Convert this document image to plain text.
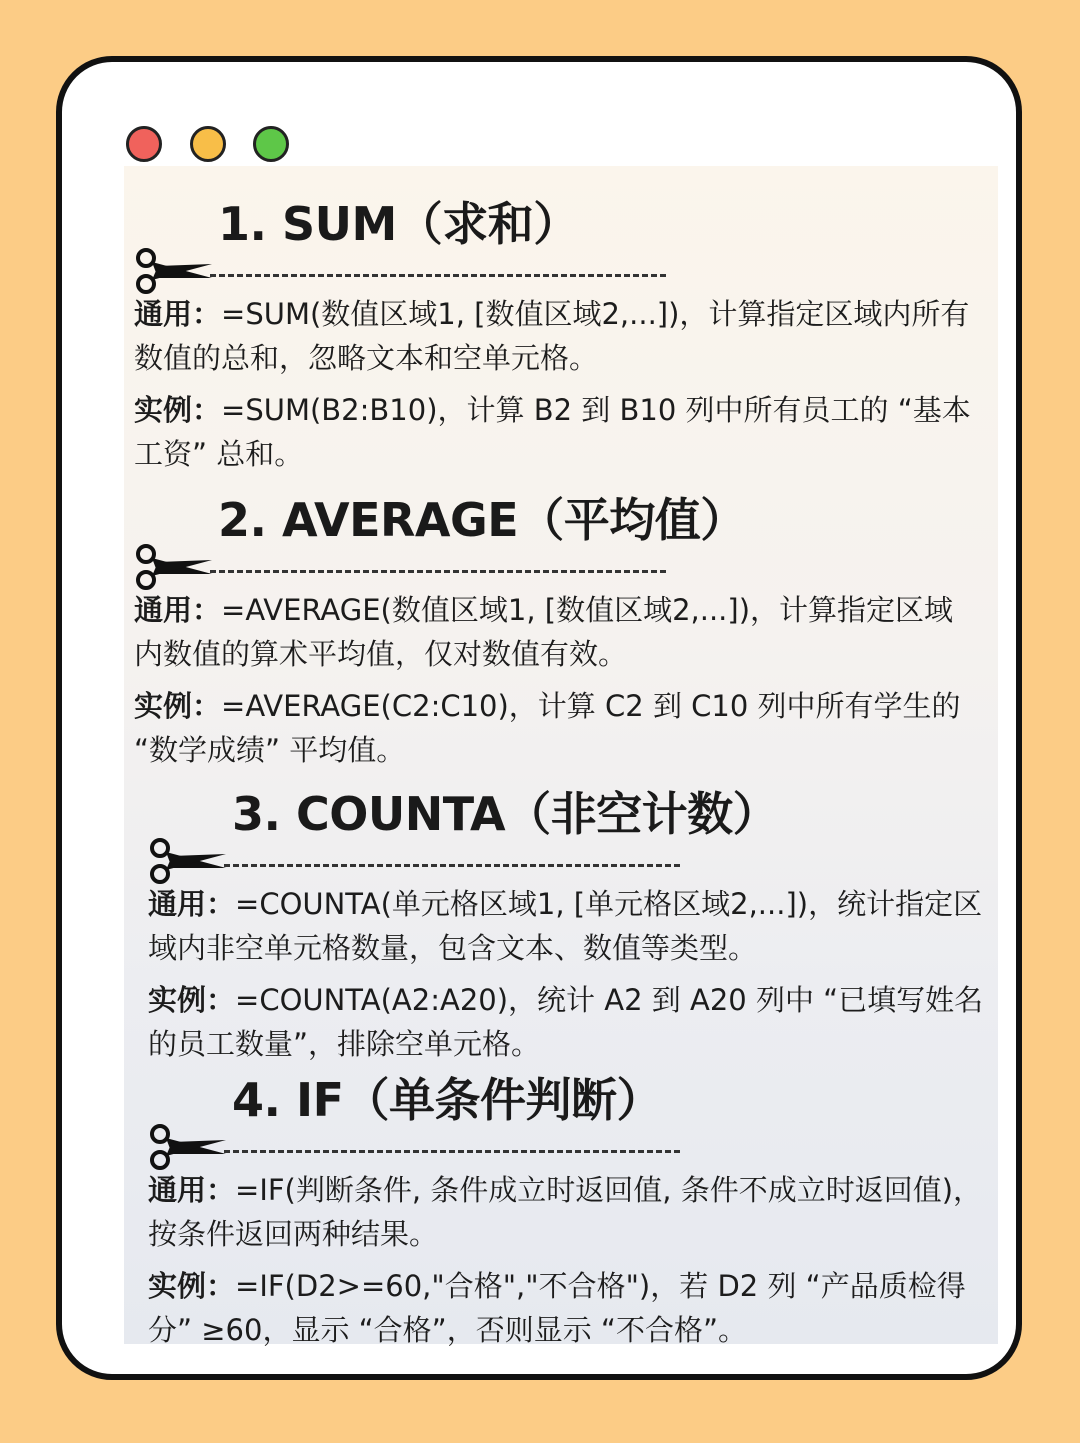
1. SUM（求和）

通用：=SUM(数值区域1, [数值区域2,...])，计算指定区域内所有数值的总和，忽略文本和空单元格。

实例：=SUM(B2:B10)，计算 B2 到 B10 列中所有员工的 “基本工资” 总和。

2. AVERAGE（平均值）

通用：=AVERAGE(数值区域1, [数值区域2,...])，计算指定区域内数值的算术平均值，仅对数值有效。

实例：=AVERAGE(C2:C10)，计算 C2 到 C10 列中所有学生的 “数学成绩” 平均值。

3. COUNTA（非空计数）

通用：=COUNTA(单元格区域1, [单元格区域2,...])，统计指定区域内非空单元格数量，包含文本、数值等类型。

实例：=COUNTA(A2:A20)，统计 A2 到 A20 列中 “已填写姓名的员工数量”，排除空单元格。

4. IF（单条件判断）

通用：=IF(判断条件, 条件成立时返回值, 条件不成立时返回值)，按条件返回两种结果。

实例：=IF(D2>=60,"合格","不合格")，若 D2 列 “产品质检得分” ≥60，显示 “合格”，否则显示 “不合格”。
